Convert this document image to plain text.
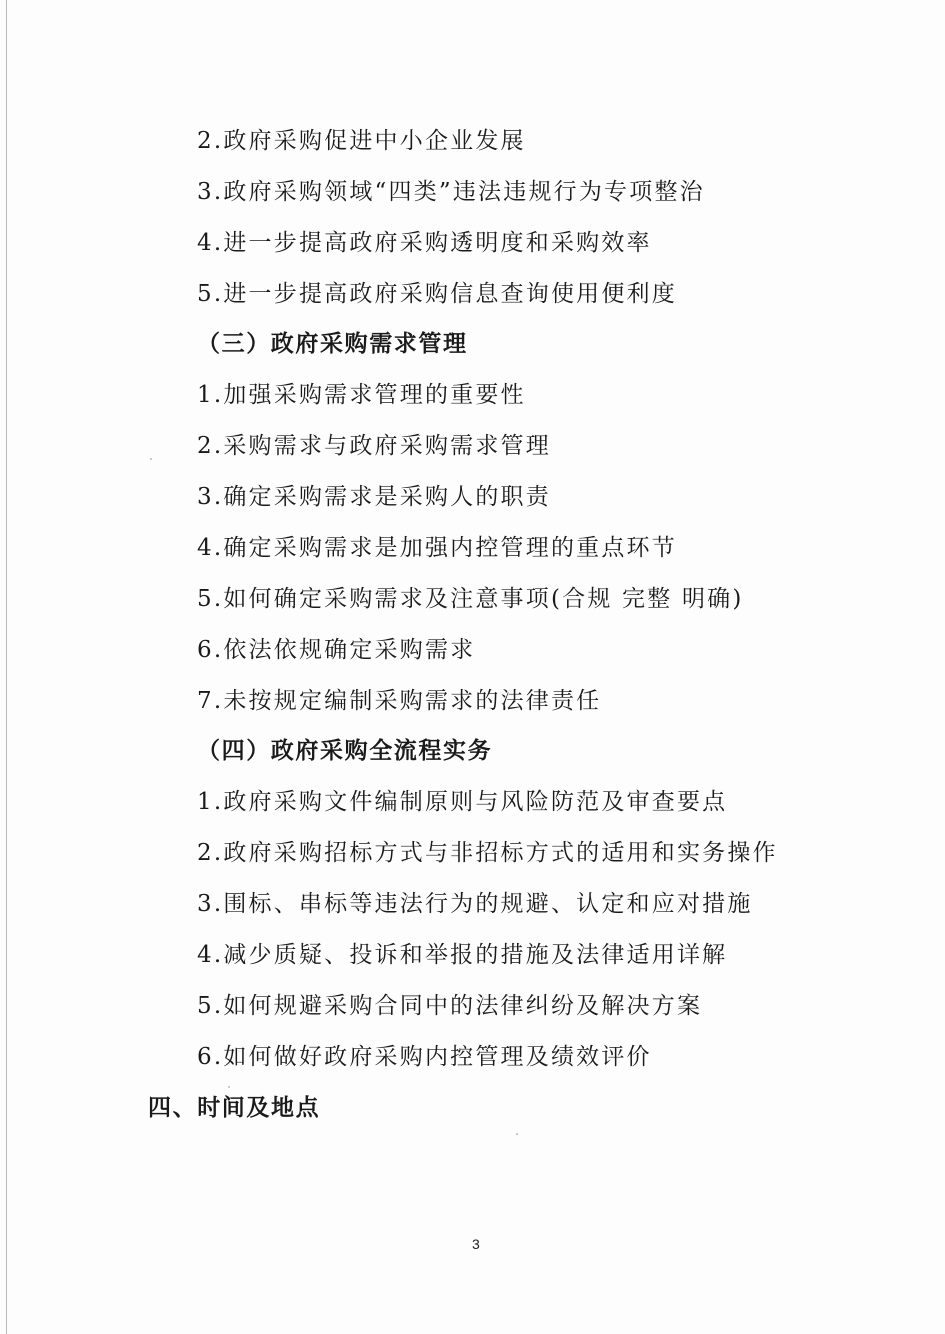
2.政府采购促进中小企业发展
3.政府采购领域“四类”违法违规行为专项整治
4.进一步提高政府采购透明度和采购效率
5.进一步提高政府采购信息查询使用便利度
（三）政府采购需求管理
1.加强采购需求管理的重要性
2.采购需求与政府采购需求管理
3.确定采购需求是采购人的职责
4.确定采购需求是加强内控管理的重点环节
5.如何确定采购需求及注意事项(合规 完整 明确)
6.依法依规确定采购需求
7.未按规定编制采购需求的法律责任
（四）政府采购全流程实务
1.政府采购文件编制原则与风险防范及审查要点
2.政府采购招标方式与非招标方式的适用和实务操作
3.围标、串标等违法行为的规避、认定和应对措施
4.减少质疑、投诉和举报的措施及法律适用详解
5.如何规避采购合同中的法律纠纷及解决方案
6.如何做好政府采购内控管理及绩效评价
四、时间及地点
3
